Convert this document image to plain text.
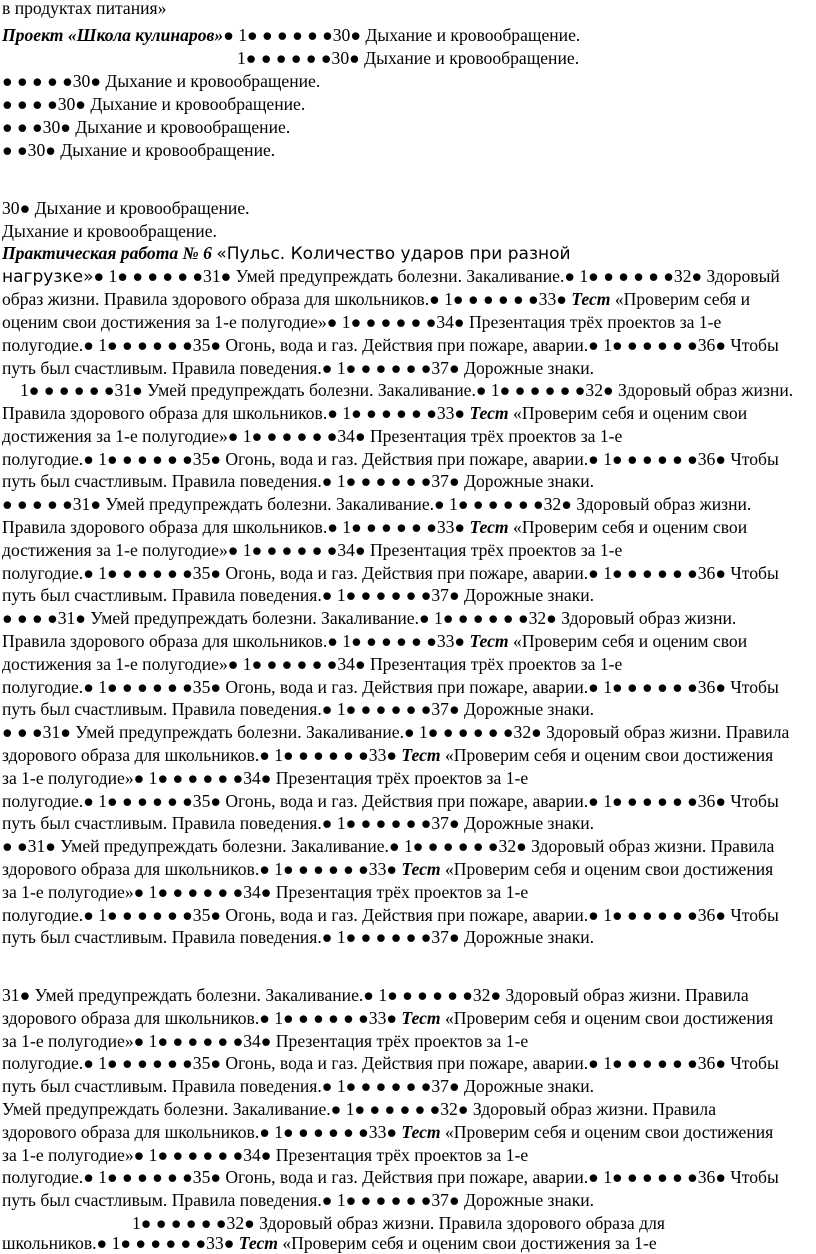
в продуктах питания»
Проект «Школа кулинаров»● 1● ● ● ● ● ●30● Дыхание и кровообращение.
1● ● ● ● ● ●30● Дыхание и кровообращение.
● ● ● ● ●30● Дыхание и кровообращение.
● ● ● ●30● Дыхание и кровообращение.
● ● ●30● Дыхание и кровообращение.
● ●30● Дыхание и кровообращение.
30● Дыхание и кровообращение.
Дыхание и кровообращение.
Практическая работа № 6 «Пульс. Количество ударов при разной
нагрузке»● 1● ● ● ● ● ●31● Умей предупреждать болезни. Закаливание.● 1● ● ● ● ● ●32● Здоровый
образ жизни. Правила здорового образа для школьников.● 1● ● ● ● ● ●33● Тест «Проверим себя и
оценим свои достижения за 1-е полугодие»● 1● ● ● ● ● ●34● Презентация трёх проектов за 1-е
полугодие.● 1● ● ● ● ● ●35● Огонь, вода и газ. Действия при пожаре, аварии.● 1● ● ● ● ● ●36● Чтобы
путь был счастливым. Правила поведения.● 1● ● ● ● ● ●37● Дорожные знаки.
1● ● ● ● ● ●31● Умей предупреждать болезни. Закаливание.● 1● ● ● ● ● ●32● Здоровый образ жизни.
Правила здорового образа для школьников.● 1● ● ● ● ● ●33● Тест «Проверим себя и оценим свои
достижения за 1-е полугодие»● 1● ● ● ● ● ●34● Презентация трёх проектов за 1-е
полугодие.● 1● ● ● ● ● ●35● Огонь, вода и газ. Действия при пожаре, аварии.● 1● ● ● ● ● ●36● Чтобы
путь был счастливым. Правила поведения.● 1● ● ● ● ● ●37● Дорожные знаки.
● ● ● ● ●31● Умей предупреждать болезни. Закаливание.● 1● ● ● ● ● ●32● Здоровый образ жизни.
Правила здорового образа для школьников.● 1● ● ● ● ● ●33● Тест «Проверим себя и оценим свои
достижения за 1-е полугодие»● 1● ● ● ● ● ●34● Презентация трёх проектов за 1-е
полугодие.● 1● ● ● ● ● ●35● Огонь, вода и газ. Действия при пожаре, аварии.● 1● ● ● ● ● ●36● Чтобы
путь был счастливым. Правила поведения.● 1● ● ● ● ● ●37● Дорожные знаки.
● ● ● ●31● Умей предупреждать болезни. Закаливание.● 1● ● ● ● ● ●32● Здоровый образ жизни.
Правила здорового образа для школьников.● 1● ● ● ● ● ●33● Тест «Проверим себя и оценим свои
достижения за 1-е полугодие»● 1● ● ● ● ● ●34● Презентация трёх проектов за 1-е
полугодие.● 1● ● ● ● ● ●35● Огонь, вода и газ. Действия при пожаре, аварии.● 1● ● ● ● ● ●36● Чтобы
путь был счастливым. Правила поведения.● 1● ● ● ● ● ●37● Дорожные знаки.
● ● ●31● Умей предупреждать болезни. Закаливание.● 1● ● ● ● ● ●32● Здоровый образ жизни. Правила
здорового образа для школьников.● 1● ● ● ● ● ●33● Тест «Проверим себя и оценим свои достижения
за 1-е полугодие»● 1● ● ● ● ● ●34● Презентация трёх проектов за 1-е
полугодие.● 1● ● ● ● ● ●35● Огонь, вода и газ. Действия при пожаре, аварии.● 1● ● ● ● ● ●36● Чтобы
путь был счастливым. Правила поведения.● 1● ● ● ● ● ●37● Дорожные знаки.
● ●31● Умей предупреждать болезни. Закаливание.● 1● ● ● ● ● ●32● Здоровый образ жизни. Правила
здорового образа для школьников.● 1● ● ● ● ● ●33● Тест «Проверим себя и оценим свои достижения
за 1-е полугодие»● 1● ● ● ● ● ●34● Презентация трёх проектов за 1-е
полугодие.● 1● ● ● ● ● ●35● Огонь, вода и газ. Действия при пожаре, аварии.● 1● ● ● ● ● ●36● Чтобы
путь был счастливым. Правила поведения.● 1● ● ● ● ● ●37● Дорожные знаки.
31● Умей предупреждать болезни. Закаливание.● 1● ● ● ● ● ●32● Здоровый образ жизни. Правила
здорового образа для школьников.● 1● ● ● ● ● ●33● Тест «Проверим себя и оценим свои достижения
за 1-е полугодие»● 1● ● ● ● ● ●34● Презентация трёх проектов за 1-е
полугодие.● 1● ● ● ● ● ●35● Огонь, вода и газ. Действия при пожаре, аварии.● 1● ● ● ● ● ●36● Чтобы
путь был счастливым. Правила поведения.● 1● ● ● ● ● ●37● Дорожные знаки.
Умей предупреждать болезни. Закаливание.● 1● ● ● ● ● ●32● Здоровый образ жизни. Правила
здорового образа для школьников.● 1● ● ● ● ● ●33● Тест «Проверим себя и оценим свои достижения
за 1-е полугодие»● 1● ● ● ● ● ●34● Презентация трёх проектов за 1-е
полугодие.● 1● ● ● ● ● ●35● Огонь, вода и газ. Действия при пожаре, аварии.● 1● ● ● ● ● ●36● Чтобы
путь был счастливым. Правила поведения.● 1● ● ● ● ● ●37● Дорожные знаки.
1● ● ● ● ● ●32● Здоровый образ жизни. Правила здорового образа для
школьников.● 1● ● ● ● ● ●33● Тест «Проверим себя и оценим свои достижения за 1-е
